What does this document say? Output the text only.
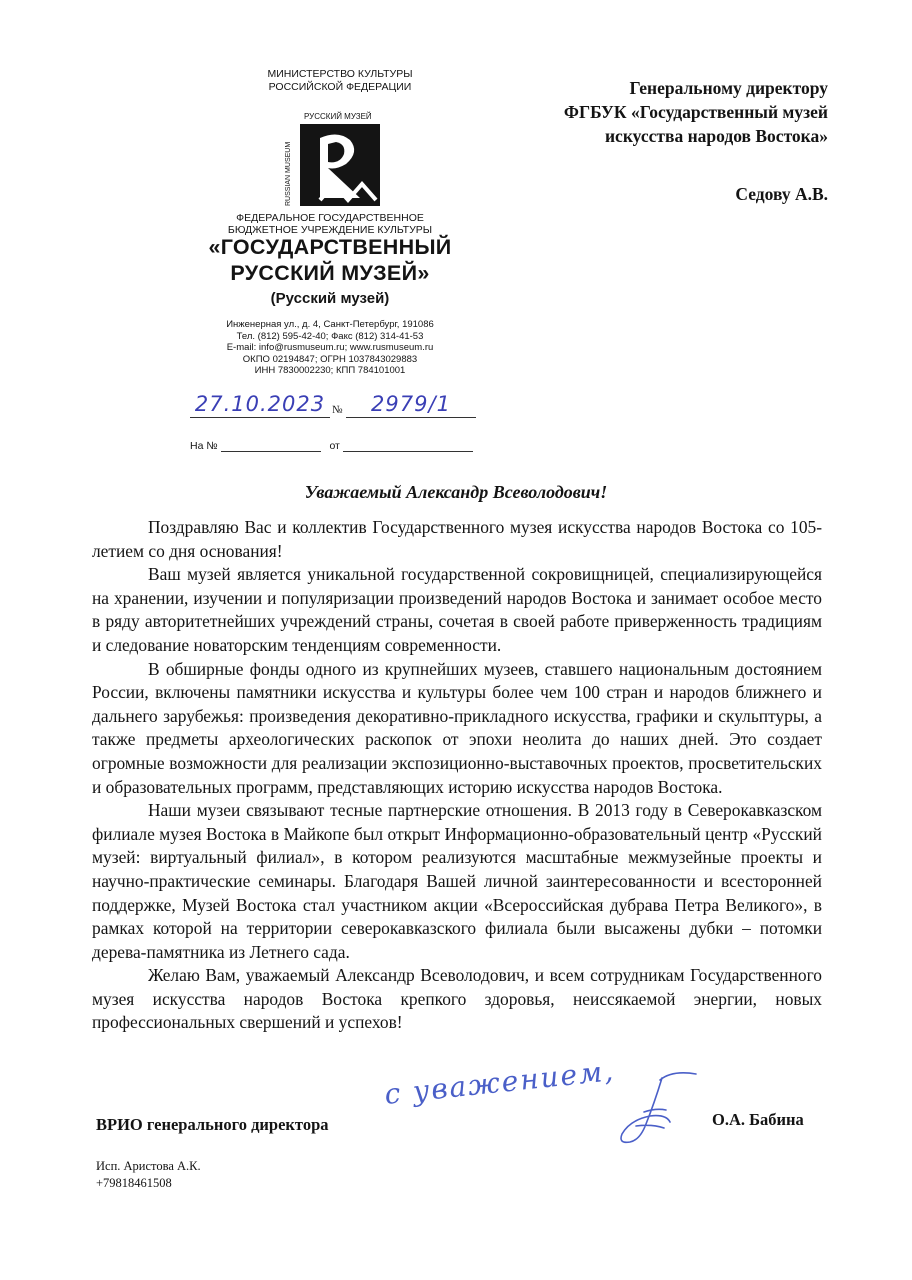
МИНИСТЕРСТВО КУЛЬТУРЫ
РОССИЙСКОЙ ФЕДЕРАЦИИ
РУССКИЙ МУЗЕЙ
RUSSIAN MUSEUM
ФЕДЕРАЛЬНОЕ ГОСУДАРСТВЕННОЕ
БЮДЖЕТНОЕ УЧРЕЖДЕНИЕ КУЛЬТУРЫ
«ГОСУДАРСТВЕННЫЙ
РУССКИЙ МУЗЕЙ»
(Русский музей)
Инженерная ул., д. 4, Санкт-Петербург, 191086
Тел. (812) 595-42-40; Факс (812) 314-41-53
E-mail: info@rusmuseum.ru; www.rusmuseum.ru
ОКПО 02194847; ОГРН 1037843029883
ИНН 7830002230; КПП 784101001
27.10.2023 №	2979/1
На №	от
Генеральному директору
ФГБУК «Государственный музей
искусства народов Востока»
Седову А.В.
Уважаемый Александр Всеволодович!

Поздравляю Вас и коллектив Государственного музея искусства народов Востока со 105-летием со дня основания!

Ваш музей является уникальной государственной сокровищницей, специализирующейся на хранении, изучении и популяризации произведений народов Востока и занимает особое место в ряду авторитетнейших учреждений страны, сочетая в своей работе приверженность традициям и следование новаторским тенденциям современности.

В обширные фонды одного из крупнейших музеев, ставшего национальным достоянием России, включены памятники искусства и культуры более чем 100 стран и народов ближнего и дальнего зарубежья: произведения декоративно-прикладного искусства, графики и скульптуры, а также предметы археологических раскопок от эпохи неолита до наших дней. Это создает огромные возможности для реализации экспозиционно-выставочных проектов, просветительских и образовательных программ, представляющих историю искусства народов Востока.

Наши музеи связывают тесные партнерские отношения. В 2013 году в Северокавказском филиале музея Востока в Майкопе был открыт Информационно-образовательный центр «Русский музей: виртуальный филиал», в котором реализуются масштабные межмузейные проекты и научно-практические семинары. Благодаря Вашей личной заинтересованности и всесторонней поддержке, Музей Востока стал участником акции «Всероссийская дубрава Петра Великого», в рамках которой на территории северокавказского филиала были высажены дубки – потомки дерева-памятника из Летнего сада.

Желаю Вам, уважаемый Александр Всеволодович, и всем сотрудникам Государственного музея искусства народов Востока крепкого здоровья, неиссякаемой энергии, новых профессиональных свершений и успехов!

с уважением,
ВРИО генерального директора	О.А. Бабина
Исп. Аристова А.К.
+79818461508
